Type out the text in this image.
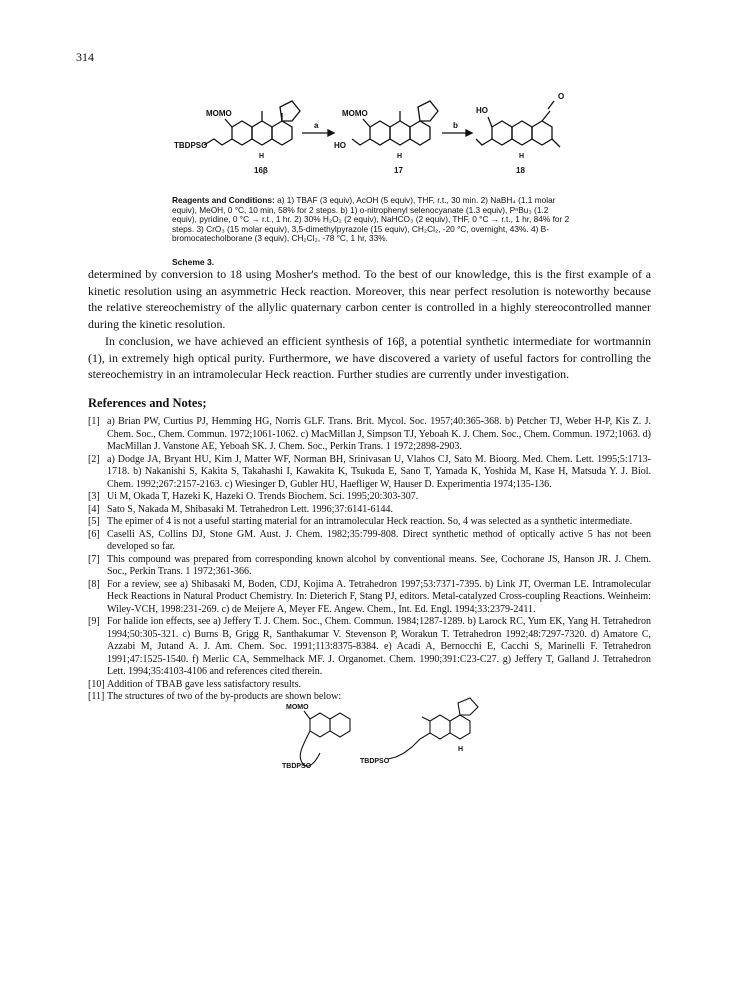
314
MOMO
TBDPSO
H
16β
a
MOMO
HO
H
17
b
HO
H
O
18
Reagents and Conditions: a) 1) TBAF (3 equiv), AcOH (5 equiv), THF, r.t., 30 min. 2) NaBH₄ (1.1 molar equiv), MeOH, 0 °C, 10 min, 58% for 2 steps. b) 1) o-nitrophenyl selenocyanate (1.3 equiv), PⁿBu₃ (1.2 equiv), pyridine, 0 °C → r.t., 1 hr. 2) 30% H₂O₂ (2 equiv), NaHCO₃ (2 equiv), THF, 0 °C → r.t., 1 hr, 84% for 2 steps. 3) CrO₃ (15 molar equiv), 3,5-dimethylpyrazole (15 equiv), CH₂Cl₂, -20 °C, overnight, 43%. 4) B-bromocatecholborane (3 equiv), CH₂Cl₂, -78 °C, 1 hr, 33%.
Scheme 3.
determined by conversion to 18 using Mosher's method. To the best of our knowledge, this is the first example of a kinetic resolution using an asymmetric Heck reaction. Moreover, this near perfect resolution is noteworthy because the relative stereochemistry of the allylic quaternary carbon center is controlled in a highly stereocontrolled manner during the kinetic resolution.
In conclusion, we have achieved an efficient synthesis of 16β, a potential synthetic intermediate for wortmannin (1), in extremely high optical purity. Furthermore, we have discovered a variety of useful factors for controlling the stereochemistry in an intramolecular Heck reaction. Further studies are currently under investigation.
References and Notes;
[1] a) Brian PW, Curtius PJ, Hemming HG, Norris GLF. Trans. Brit. Mycol. Soc. 1957;40:365-368. b) Petcher TJ, Weber H-P, Kis Z. J. Chem. Soc., Chem. Commun. 1972;1061-1062. c) MacMillan J, Simpson TJ, Yeboah K. J. Chem. Soc., Chem. Commun. 1972;1063. d) MacMillan J. Vanstone AE, Yeboah SK. J. Chem. Soc., Perkin Trans. 1 1972;2898-2903.
[2] a) Dodge JA, Bryant HU, Kim J, Matter WF, Norman BH, Srinivasan U, Vlahos CJ, Sato M. Bioorg. Med. Chem. Lett. 1995;5:1713-1718. b) Nakanishi S, Kakita S, Takahashi I, Kawakita K, Tsukuda E, Sano T, Yamada K, Yoshida M, Kase H, Matsuda Y. J. Biol. Chem. 1992;267:2157-2163. c) Wiesinger D, Gubler HU, Haefliger W, Hauser D. Experimentia 1974;135-136.
[3] Ui M, Okada T, Hazeki K, Hazeki O. Trends Biochem. Sci. 1995;20:303-307.
[4] Sato S, Nakada M, Shibasaki M. Tetrahedron Lett. 1996;37:6141-6144.
[5] The epimer of 4 is not a useful starting material for an intramolecular Heck reaction. So, 4 was selected as a synthetic intermediate.
[6] Caselli AS, Collins DJ, Stone GM. Aust. J. Chem. 1982;35:799-808. Direct synthetic method of optically active 5 has not been developed so far.
[7] This compound was prepared from corresponding known alcohol by conventional means. See, Cochorane JS, Hanson JR. J. Chem. Soc., Perkin Trans. 1 1972;361-366.
[8] For a review, see a) Shibasaki M, Boden, CDJ, Kojima A. Tetrahedron 1997;53:7371-7395. b) Link JT, Overman LE. Intramolecular Heck Reactions in Natural Product Chemistry. In: Dieterich F, Stang PJ, editors. Metal-catalyzed Cross-coupling Reactions. Weinheim: Wiley-VCH, 1998:231-269. c) de Meijere A, Meyer FE. Angew. Chem., Int. Ed. Engl. 1994;33:2379-2411.
[9] For halide ion effects, see a) Jeffery T. J. Chem. Soc., Chem. Commun. 1984;1287-1289. b) Larock RC, Yum EK, Yang H. Tetrahedron 1994;50:305-321. c) Burns B, Grigg R, Santhakumar V. Stevenson P, Worakun T. Tetrahedron 1992;48:7297-7320. d) Amatore C, Azzabi M, Jutand A. J. Am. Chem. Soc. 1991;113:8375-8384. e) Acadi A, Bernocchi E, Cacchi S, Marinelli F. Tetrahedron 1991;47:1525-1540. f) Merlic CA, Semmelhack MF. J. Organomet. Chem. 1990;391:C23-C27. g) Jeffery T, Galland J. Tetrahedron Lett. 1994;35:4103-4106 and references cited therein.
[10] Addition of TBAB gave less satisfactory results.
[11] The structures of two of the by-products are shown below:
MOMO
TBDPSO
TBDPSO
H
